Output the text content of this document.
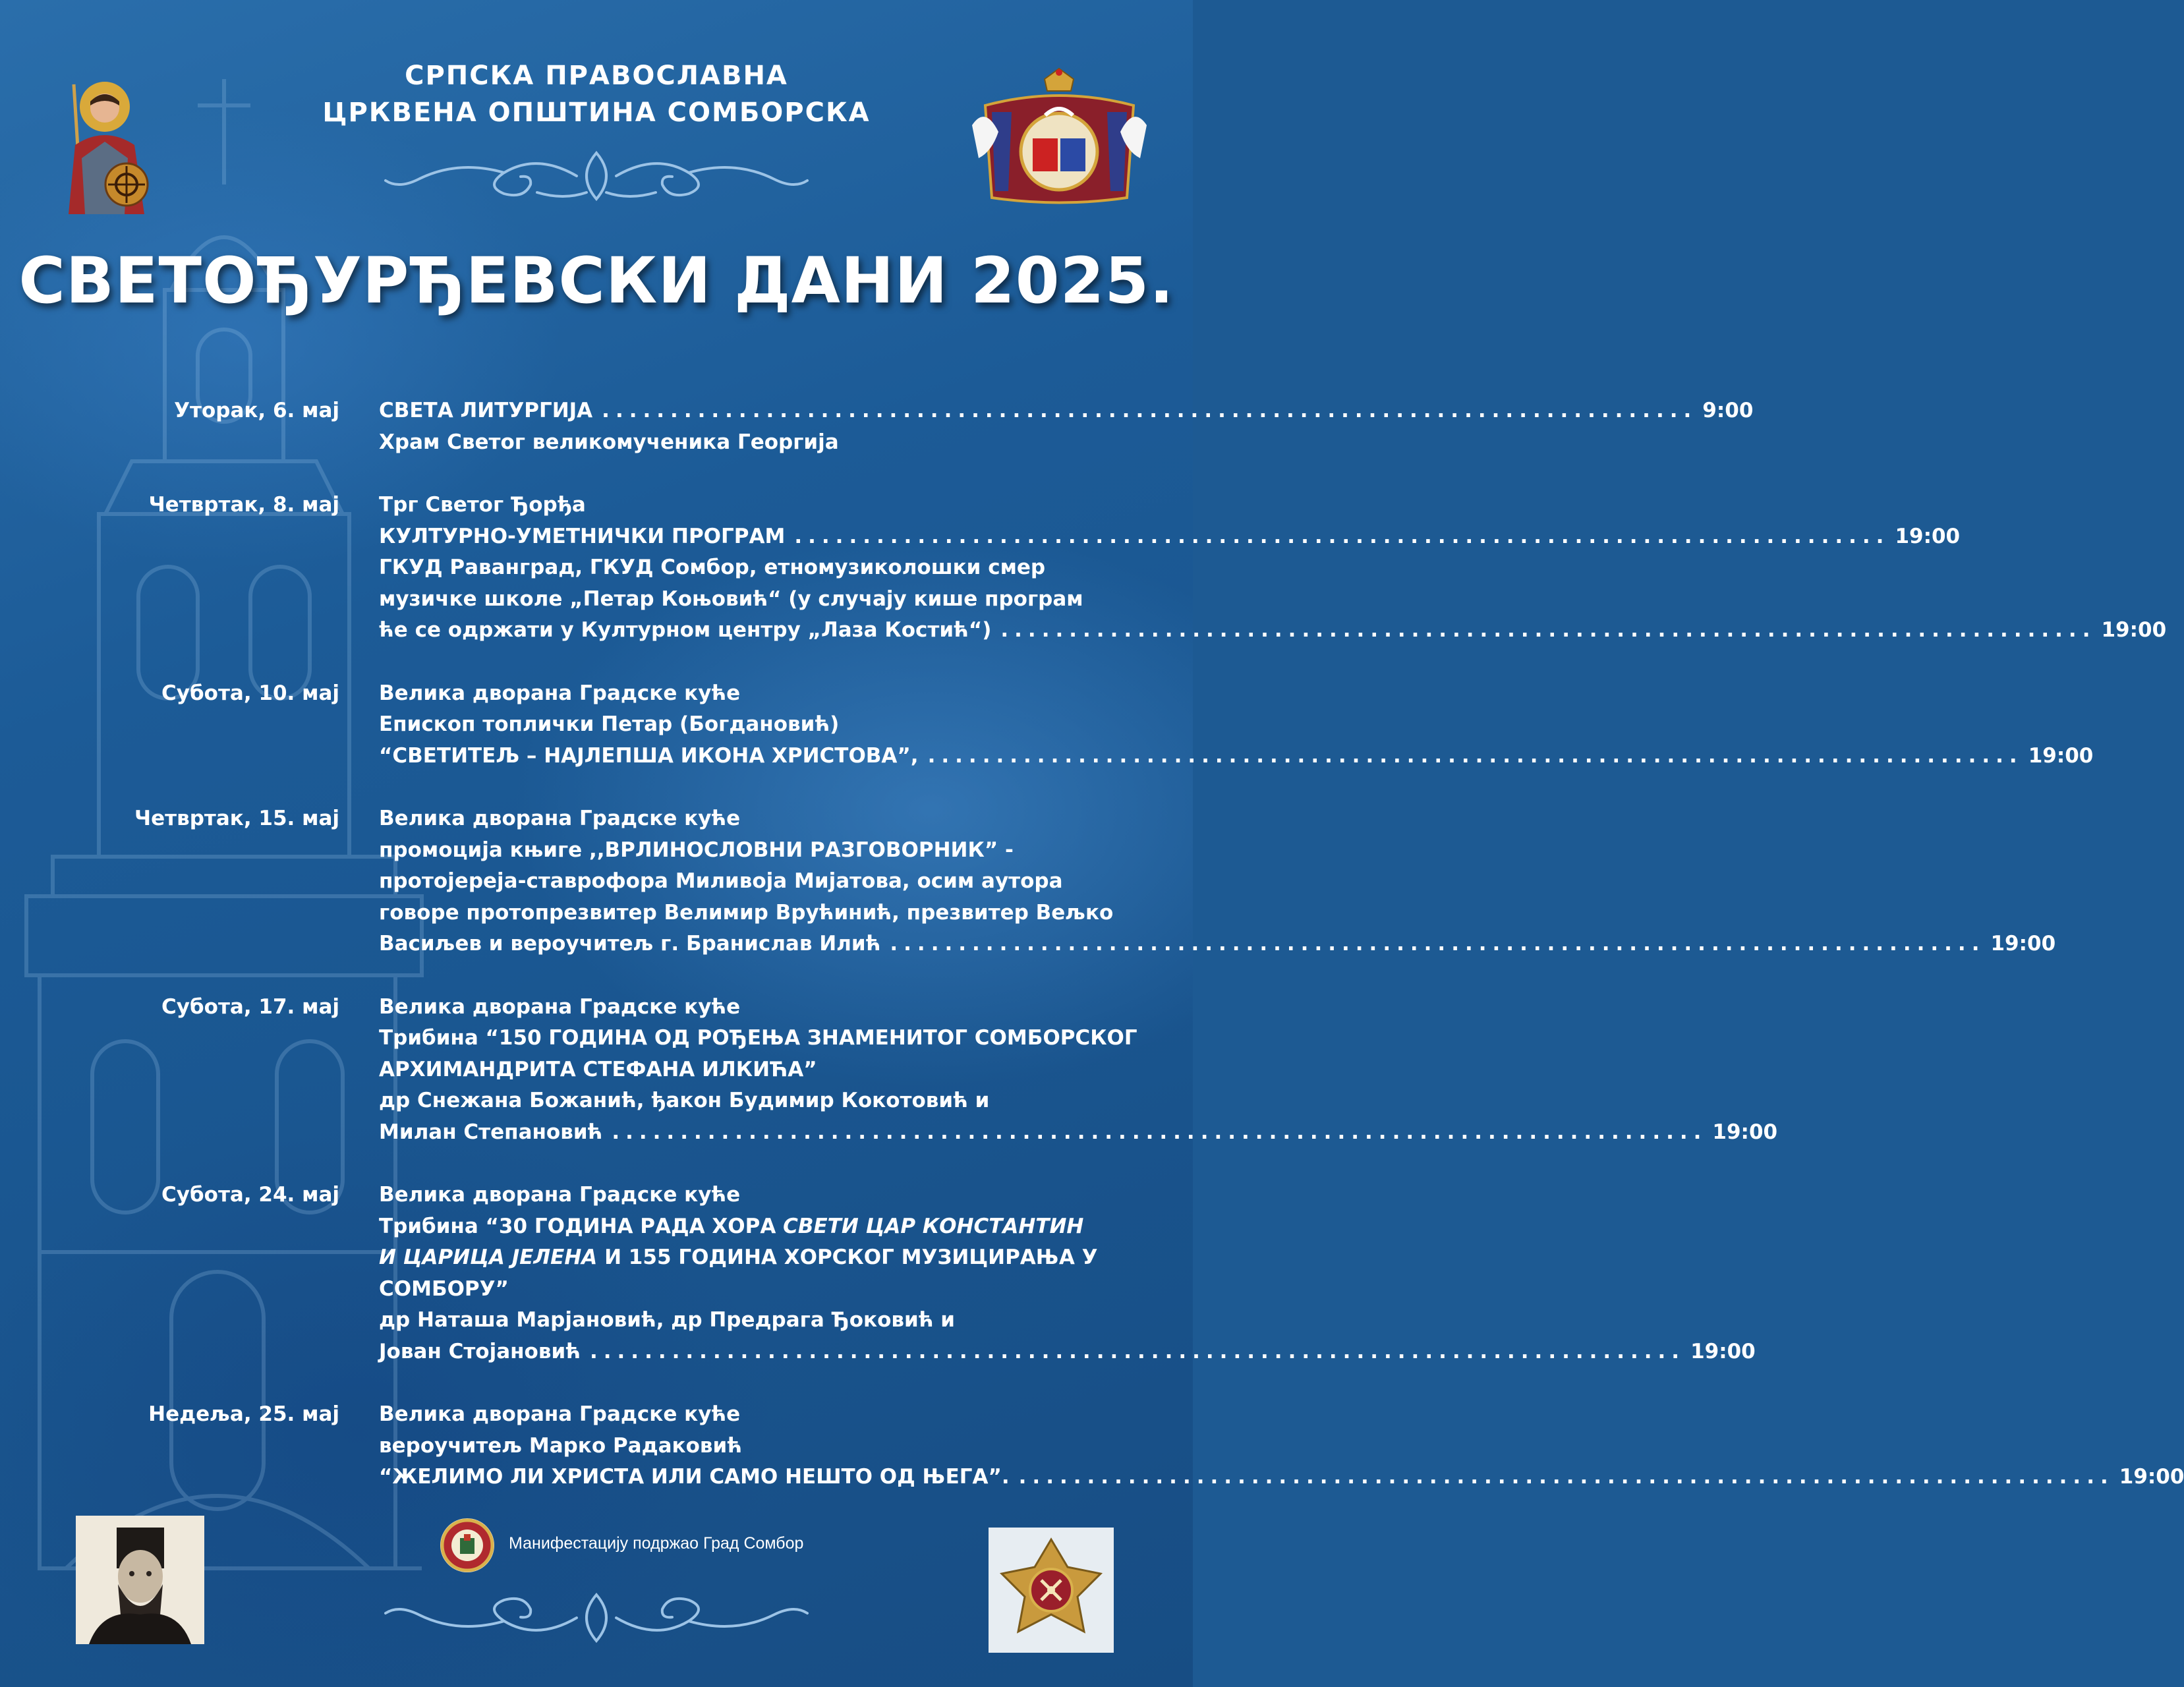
СРПСКА ПРАВОСЛАВНА
ЦРКВЕНА ОПШТИНА СОМБОРСКА
СВЕТОЂУРЂЕВСКИ ДАНИ 2025.
Уторак, 6. мај СВЕТА ЛИТУРГИЈА ................................................................................ 9:00
Храм Светог великомученика Георгија
Четвртак, 8. мај Трг Светог Ђорђа
КУЛТУРНО-УМЕТНИЧКИ ПРОГРАМ ................................................................................ 19:00
ГКУД Раванград, ГКУД Сомбор, етномузиколошки смер
музичке школе „Петар Коњовић“ (у случају кише програм
ће се одржати у Културном центру „Лаза Костић“) ................................................................................ 19:00
Субота, 10. мај Велика дворана Градске куће
Епископ топлички Петар (Богдановић)
“СВЕТИТЕЉ – НАЈЛЕПША ИКОНА ХРИСТОВА”, ................................................................................ 19:00
Четвртак, 15. мај Велика дворана Градске куће
промоција књиге ,,ВРЛИНОСЛОВНИ РАЗГОВОРНИК” -
протојереја-ставрофора Миливоја Мијатова, осим аутора
говоре протопрезвитер Велимир Врућинић, презвитер Вељко
Васиљев и вероучитељ г. Бранислав Илић ................................................................................ 19:00
Субота, 17. мај Велика дворана Градске куће
Трибина “150 ГОДИНА ОД РОЂЕЊА ЗНАМЕНИТОГ СОМБОРСКОГ
АРХИМАНДРИТА СТЕФАНА ИЛКИЋА”
др Снежана Божанић, ђакон Будимир Кокотовић и
Милан Степановић ................................................................................ 19:00
Субота, 24. мај Велика дворана Градске куће
Трибина “30 ГОДИНА РАДА ХОРА СВЕТИ ЦАР КОНСТАНТИН
И ЦАРИЦА ЈЕЛЕНА И 155 ГОДИНА ХОРСКОГ МУЗИЦИРАЊА У
СОМБОРУ”
др Наташа Марјановић, др Предрага Ђоковић и
Јован Стојановић ................................................................................ 19:00
Недеља, 25. мај Велика дворана Градске куће
вероучитељ Марко Радаковић
“ЖЕЛИМО ЛИ ХРИСТА ИЛИ САМО НЕШТО ОД ЊЕГА”. ................................................................................ 19:00
Манифестацију подржао Град Сомбор
